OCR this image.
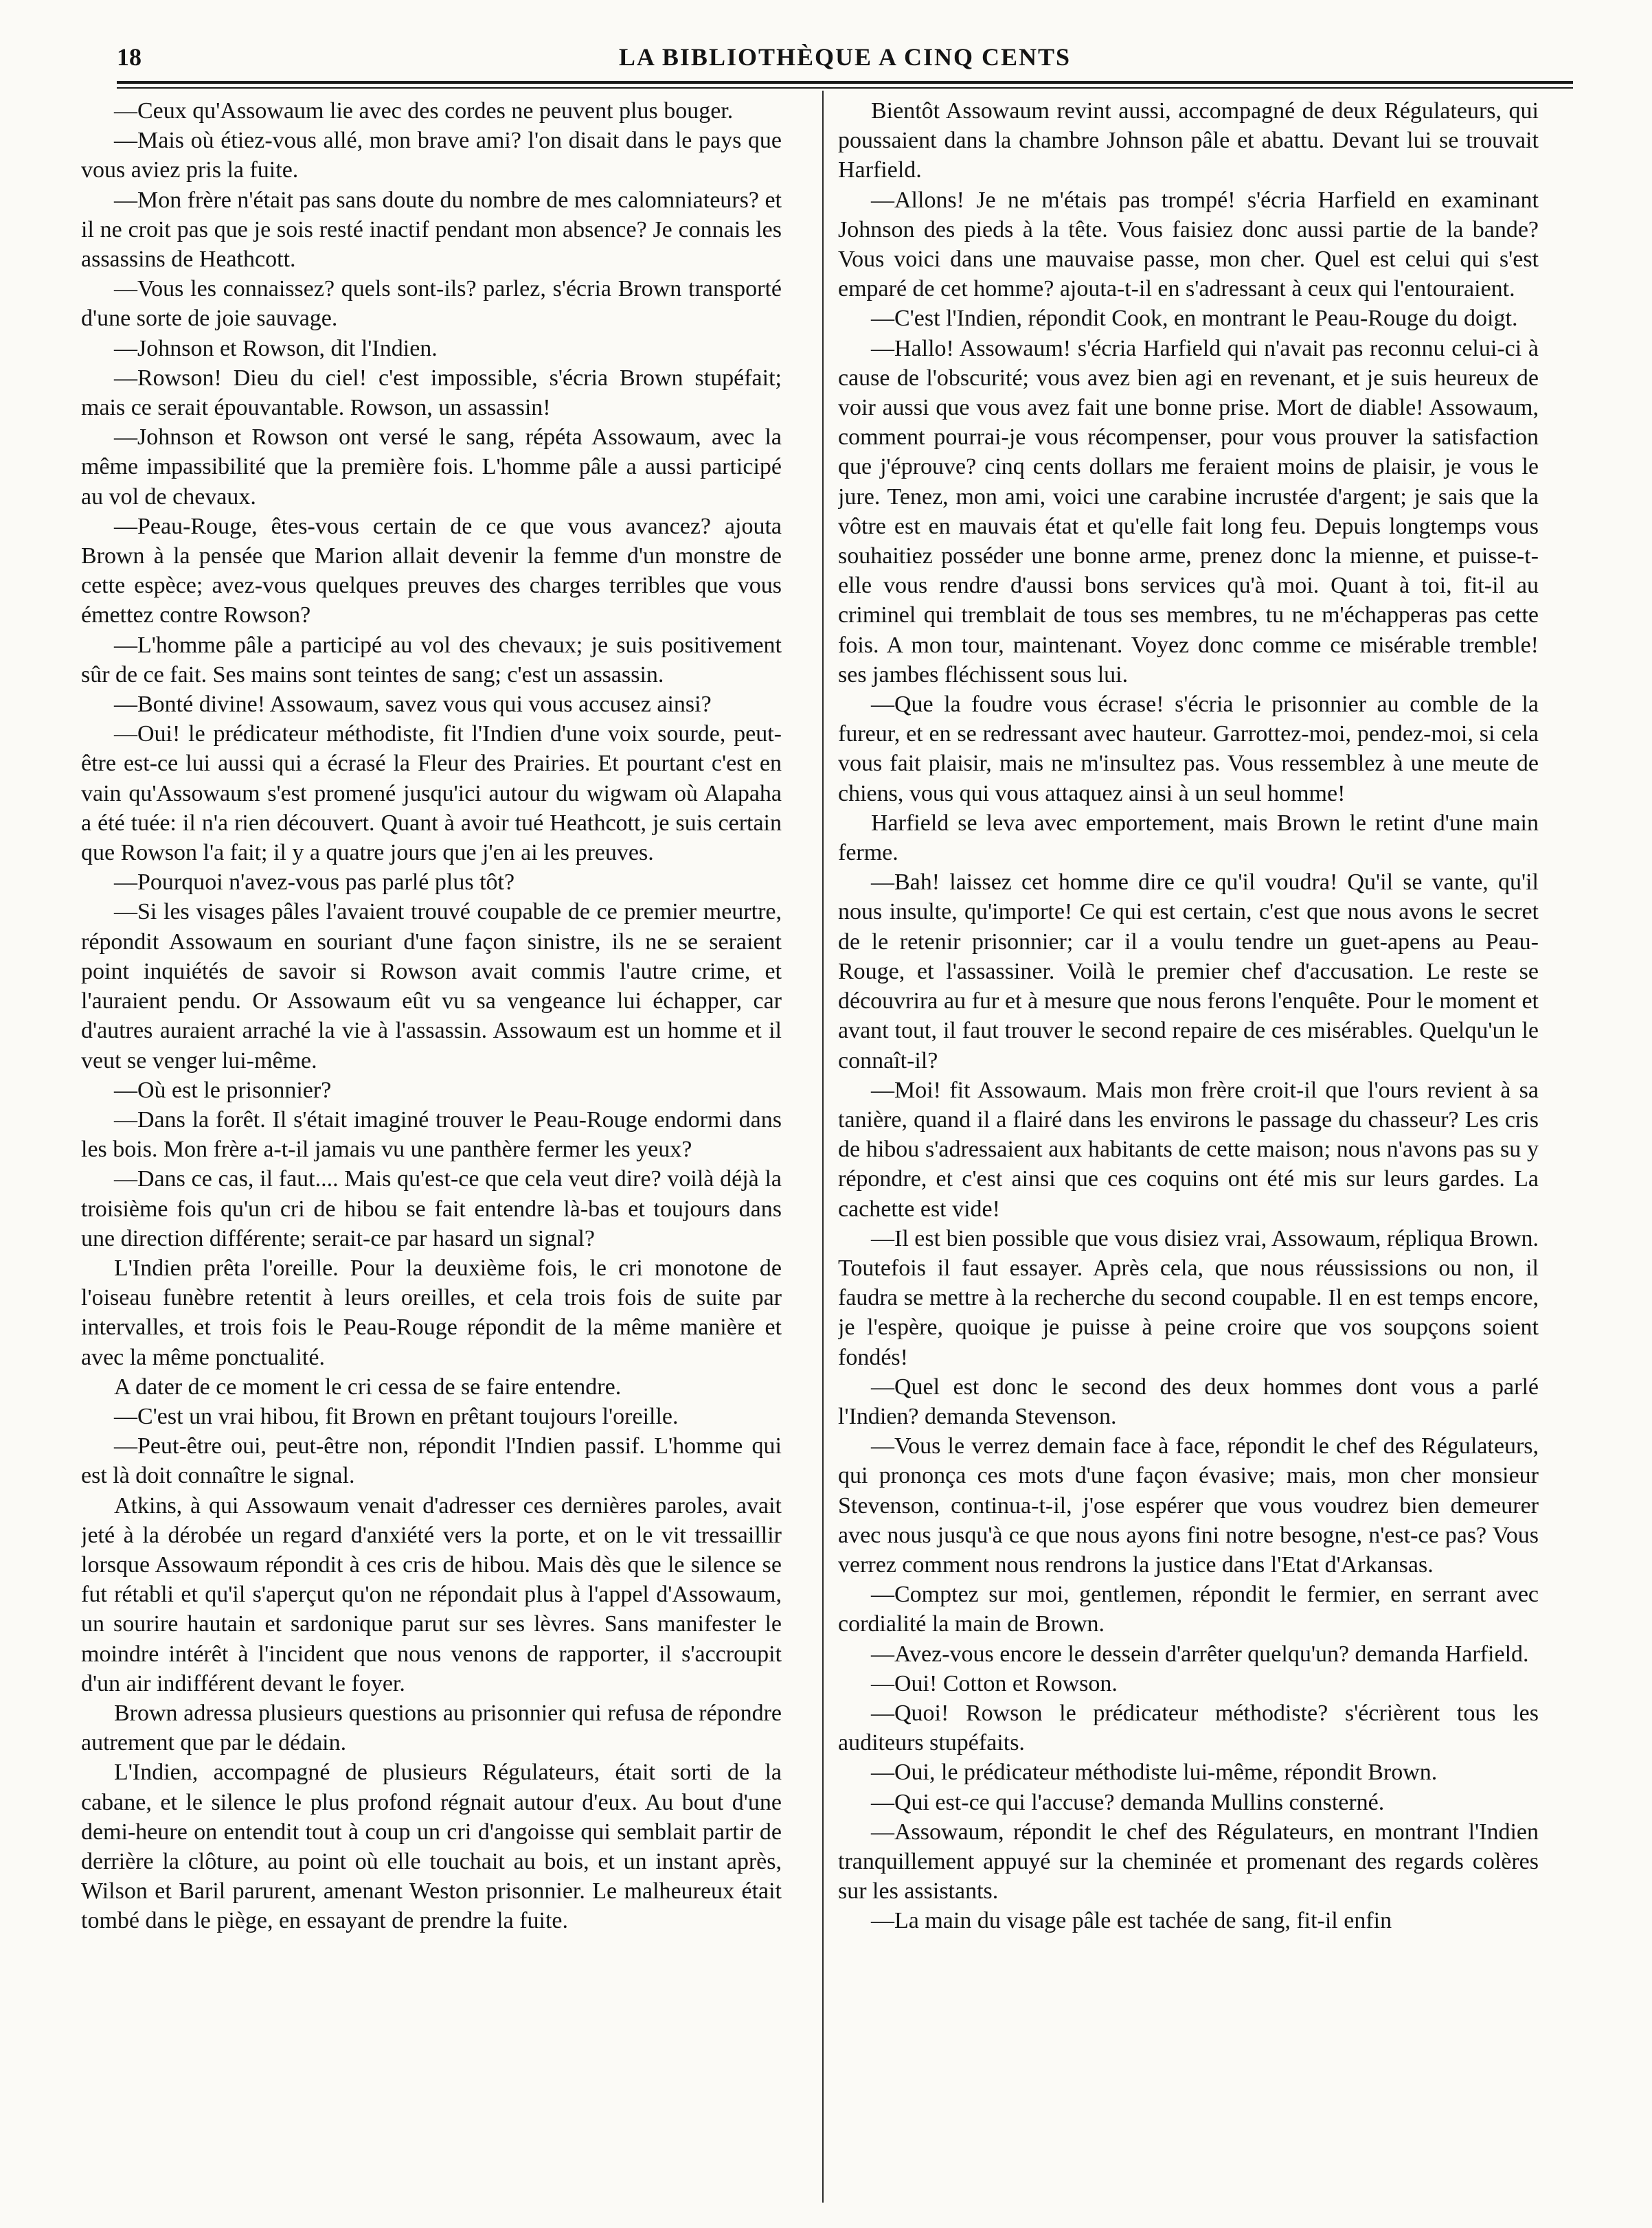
18	LA BIBLIOTHÈQUE A CINQ CENTS

—Ceux qu'Assowaum lie avec des cordes ne peuvent plus bouger.

—Mais où étiez-vous allé, mon brave ami? l'on disait dans le pays que vous aviez pris la fuite.

—Mon frère n'était pas sans doute du nombre de mes calomniateurs? et il ne croit pas que je sois resté inactif pendant mon absence? Je connais les assassins de Heathcott.

—Vous les connaissez? quels sont-ils? parlez, s'écria Brown transporté d'une sorte de joie sauvage.

—Johnson et Rowson, dit l'Indien.

—Rowson! Dieu du ciel! c'est impossible, s'écria Brown stupéfait; mais ce serait épouvantable. Rowson, un assassin!

—Johnson et Rowson ont versé le sang, répéta Assowaum, avec la même impassibilité que la première fois. L'homme pâle a aussi participé au vol de chevaux.

—Peau-Rouge, êtes-vous certain de ce que vous avancez? ajouta Brown à la pensée que Marion allait devenir la femme d'un monstre de cette espèce; avez-vous quelques preuves des charges terribles que vous émettez contre Rowson?

—L'homme pâle a participé au vol des chevaux; je suis positivement sûr de ce fait. Ses mains sont teintes de sang; c'est un assassin.

—Bonté divine! Assowaum, savez vous qui vous accusez ainsi?

—Oui! le prédicateur méthodiste, fit l'Indien d'une voix sourde, peut-être est-ce lui aussi qui a écrasé la Fleur des Prairies. Et pourtant c'est en vain qu'Assowaum s'est promené jusqu'ici autour du wigwam où Alapaha a été tuée: il n'a rien découvert. Quant à avoir tué Heathcott, je suis certain que Rowson l'a fait; il y a quatre jours que j'en ai les preuves.

—Pourquoi n'avez-vous pas parlé plus tôt?

—Si les visages pâles l'avaient trouvé coupable de ce premier meurtre, répondit Assowaum en souriant d'une façon sinistre, ils ne se seraient point inquiétés de savoir si Rowson avait commis l'autre crime, et l'auraient pendu. Or Assowaum eût vu sa vengeance lui échapper, car d'autres auraient arraché la vie à l'assassin. Assowaum est un homme et il veut se venger lui-même.

—Où est le prisonnier?

—Dans la forêt. Il s'était imaginé trouver le Peau-Rouge endormi dans les bois. Mon frère a-t-il jamais vu une panthère fermer les yeux?

—Dans ce cas, il faut.... Mais qu'est-ce que cela veut dire? voilà déjà la troisième fois qu'un cri de hibou se fait entendre là-bas et toujours dans une direction différente; serait-ce par hasard un signal?

L'Indien prêta l'oreille. Pour la deuxième fois, le cri monotone de l'oiseau funèbre retentit à leurs oreilles, et cela trois fois de suite par intervalles, et trois fois le Peau-Rouge répondit de la même manière et avec la même ponctualité.

A dater de ce moment le cri cessa de se faire entendre.

—C'est un vrai hibou, fit Brown en prêtant toujours l'oreille.

—Peut-être oui, peut-être non, répondit l'Indien passif. L'homme qui est là doit connaître le signal.

Atkins, à qui Assowaum venait d'adresser ces dernières paroles, avait jeté à la dérobée un regard d'anxiété vers la porte, et on le vit tressaillir lorsque Assowaum répondit à ces cris de hibou. Mais dès que le silence se fut rétabli et qu'il s'aperçut qu'on ne répondait plus à l'appel d'Assowaum, un sourire hautain et sardonique parut sur ses lèvres. Sans manifester le moindre intérêt à l'incident que nous venons de rapporter, il s'accroupit d'un air indifférent devant le foyer.

Brown adressa plusieurs questions au prisonnier qui refusa de répondre autrement que par le dédain.

L'Indien, accompagné de plusieurs Régulateurs, était sorti de la cabane, et le silence le plus profond régnait autour d'eux. Au bout d'une demi-heure on entendit tout à coup un cri d'angoisse qui semblait partir de derrière la clôture, au point où elle touchait au bois, et un instant après, Wilson et Baril parurent, amenant Weston prisonnier. Le malheureux était tombé dans le piège, en essayant de prendre la fuite.

Bientôt Assowaum revint aussi, accompagné de deux Régulateurs, qui poussaient dans la chambre Johnson pâle et abattu. Devant lui se trouvait Harfield.

—Allons! Je ne m'étais pas trompé! s'écria Harfield en examinant Johnson des pieds à la tête. Vous faisiez donc aussi partie de la bande? Vous voici dans une mauvaise passe, mon cher. Quel est celui qui s'est emparé de cet homme? ajouta-t-il en s'adressant à ceux qui l'entouraient.

—C'est l'Indien, répondit Cook, en montrant le Peau-Rouge du doigt.

—Hallo! Assowaum! s'écria Harfield qui n'avait pas reconnu celui-ci à cause de l'obscurité; vous avez bien agi en revenant, et je suis heureux de voir aussi que vous avez fait une bonne prise. Mort de diable! Assowaum, comment pourrai-je vous récompenser, pour vous prouver la satisfaction que j'éprouve? cinq cents dollars me feraient moins de plaisir, je vous le jure. Tenez, mon ami, voici une carabine incrustée d'argent; je sais que la vôtre est en mauvais état et qu'elle fait long feu. Depuis longtemps vous souhaitiez posséder une bonne arme, prenez donc la mienne, et puisse-t-elle vous rendre d'aussi bons services qu'à moi. Quant à toi, fit-il au criminel qui tremblait de tous ses membres, tu ne m'échapperas pas cette fois. A mon tour, maintenant. Voyez donc comme ce misérable tremble! ses jambes fléchissent sous lui.

—Que la foudre vous écrase! s'écria le prisonnier au comble de la fureur, et en se redressant avec hauteur. Garrottez-moi, pendez-moi, si cela vous fait plaisir, mais ne m'insultez pas. Vous ressemblez à une meute de chiens, vous qui vous attaquez ainsi à un seul homme!

Harfield se leva avec emportement, mais Brown le retint d'une main ferme.

—Bah! laissez cet homme dire ce qu'il voudra! Qu'il se vante, qu'il nous insulte, qu'importe! Ce qui est certain, c'est que nous avons le secret de le retenir prisonnier; car il a voulu tendre un guet-apens au Peau-Rouge, et l'assassiner. Voilà le premier chef d'accusation. Le reste se découvrira au fur et à mesure que nous ferons l'enquête. Pour le moment et avant tout, il faut trouver le second repaire de ces misérables. Quelqu'un le connaît-il?

—Moi! fit Assowaum. Mais mon frère croit-il que l'ours revient à sa tanière, quand il a flairé dans les environs le passage du chasseur? Les cris de hibou s'adressaient aux habitants de cette maison; nous n'avons pas su y répondre, et c'est ainsi que ces coquins ont été mis sur leurs gardes. La cachette est vide!

—Il est bien possible que vous disiez vrai, Assowaum, répliqua Brown. Toutefois il faut essayer. Après cela, que nous réussissions ou non, il faudra se mettre à la recherche du second coupable. Il en est temps encore, je l'espère, quoique je puisse à peine croire que vos soupçons soient fondés!

—Quel est donc le second des deux hommes dont vous a parlé l'Indien? demanda Stevenson.

—Vous le verrez demain face à face, répondit le chef des Régulateurs, qui prononça ces mots d'une façon évasive; mais, mon cher monsieur Stevenson, continua-t-il, j'ose espérer que vous voudrez bien demeurer avec nous jusqu'à ce que nous ayons fini notre besogne, n'est-ce pas? Vous verrez comment nous rendrons la justice dans l'Etat d'Arkansas.

—Comptez sur moi, gentlemen, répondit le fermier, en serrant avec cordialité la main de Brown.

—Avez-vous encore le dessein d'arrêter quelqu'un? demanda Harfield.

—Oui! Cotton et Rowson.

—Quoi! Rowson le prédicateur méthodiste? s'écrièrent tous les auditeurs stupéfaits.

—Oui, le prédicateur méthodiste lui-même, répondit Brown.

—Qui est-ce qui l'accuse? demanda Mullins consterné.

—Assowaum, répondit le chef des Régulateurs, en montrant l'Indien tranquillement appuyé sur la cheminée et promenant des regards colères sur les assistants.

—La main du visage pâle est tachée de sang, fit-il enfin
